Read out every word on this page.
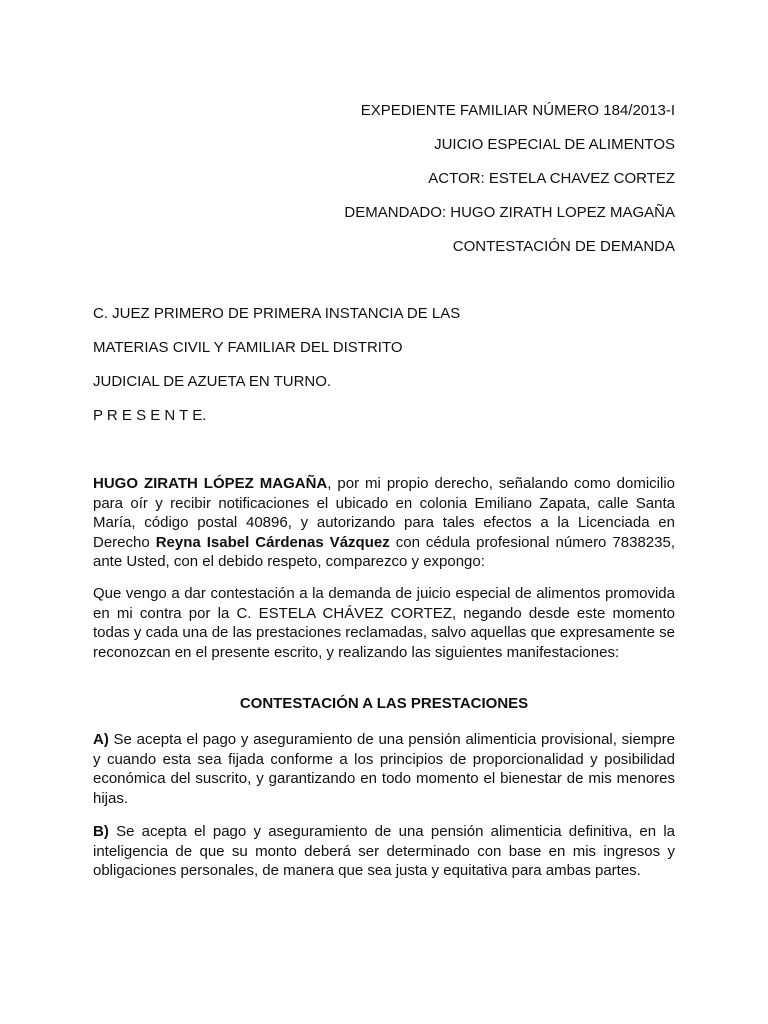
EXPEDIENTE FAMILIAR NÚMERO 184/2013-I
JUICIO ESPECIAL DE ALIMENTOS
ACTOR: ESTELA CHAVEZ CORTEZ
DEMANDADO: HUGO ZIRATH LOPEZ MAGAÑA
CONTESTACIÓN DE DEMANDA
C. JUEZ PRIMERO DE PRIMERA INSTANCIA DE LAS
MATERIAS CIVIL Y FAMILIAR DEL DISTRITO
JUDICIAL DE AZUETA EN TURNO.
P R E S E N T E.
HUGO ZIRATH LÓPEZ MAGAÑA, por mi propio derecho, señalando como domicilio para oír y recibir notificaciones el ubicado en colonia Emiliano Zapata, calle Santa María, código postal 40896, y autorizando para tales efectos a la Licenciada en Derecho Reyna Isabel Cárdenas Vázquez con cédula profesional número 7838235, ante Usted, con el debido respeto, comparezco y expongo:
Que vengo a dar contestación a la demanda de juicio especial de alimentos promovida en mi contra por la C. ESTELA CHÁVEZ CORTEZ, negando desde este momento todas y cada una de las prestaciones reclamadas, salvo aquellas que expresamente se reconozcan en el presente escrito, y realizando las siguientes manifestaciones:
CONTESTACIÓN A LAS PRESTACIONES
A) Se acepta el pago y aseguramiento de una pensión alimenticia provisional, siempre y cuando esta sea fijada conforme a los principios de proporcionalidad y posibilidad económica del suscrito, y garantizando en todo momento el bienestar de mis menores hijas.
B) Se acepta el pago y aseguramiento de una pensión alimenticia definitiva, en la inteligencia de que su monto deberá ser determinado con base en mis ingresos y obligaciones personales, de manera que sea justa y equitativa para ambas partes.
